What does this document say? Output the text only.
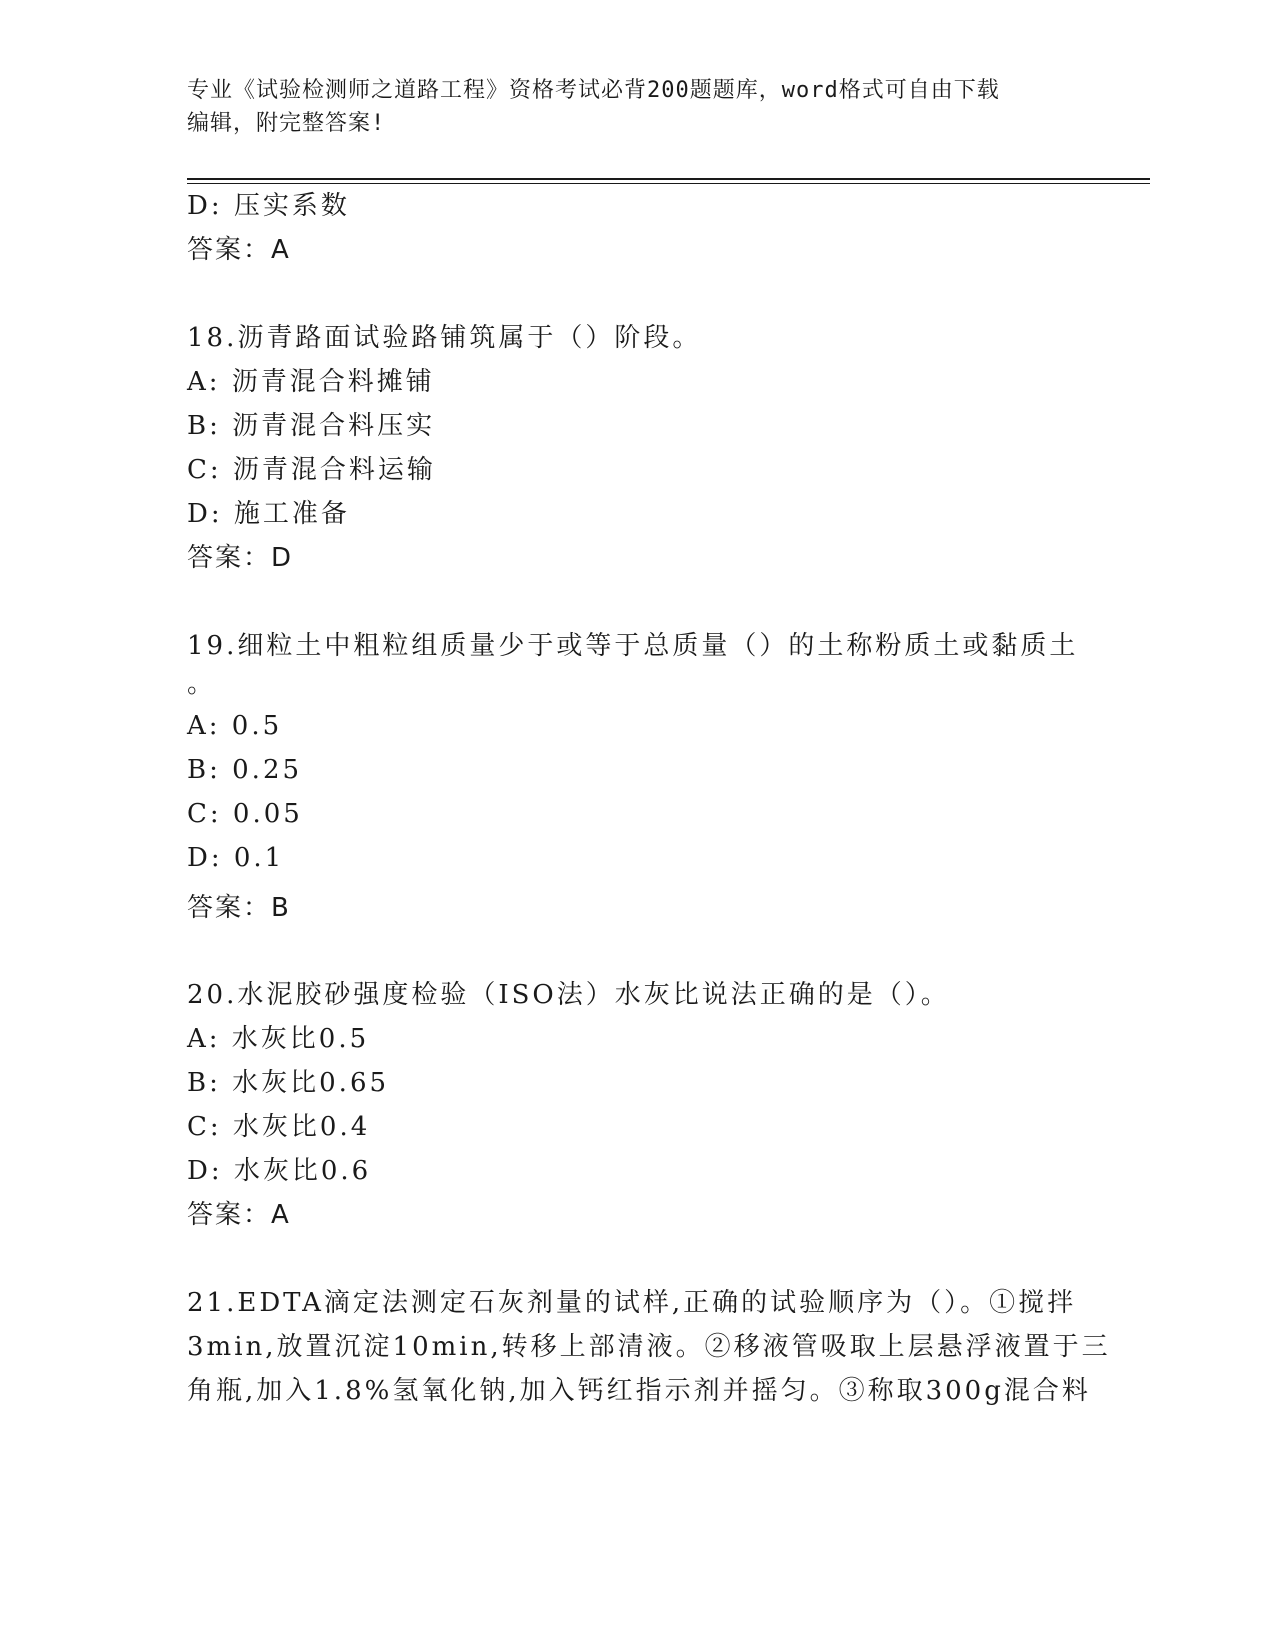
专业《试验检测师之道路工程》资格考试必背200题题库，word格式可自由下载
编辑，附完整答案!
D: 压实系数
答案：A
18.沥青路面试验路铺筑属于（）阶段。
A: 沥青混合料摊铺
B: 沥青混合料压实
C: 沥青混合料运输
D: 施工准备
答案：D
19.细粒土中粗粒组质量少于或等于总质量（）的土称粉质土或黏质土
。
A: 0.5
B: 0.25
C: 0.05
D: 0.1
答案：B
20.水泥胶砂强度检验（ISO法）水灰比说法正确的是（）。
A: 水灰比0.5
B: 水灰比0.65
C: 水灰比0.4
D: 水灰比0.6
答案：A
21.EDTA滴定法测定石灰剂量的试样,正确的试验顺序为（）。①搅拌
3min,放置沉淀10min,转移上部清液。②移液管吸取上层悬浮液置于三
角瓶,加入1.8%氢氧化钠,加入钙红指示剂并摇匀。③称取300g混合料
